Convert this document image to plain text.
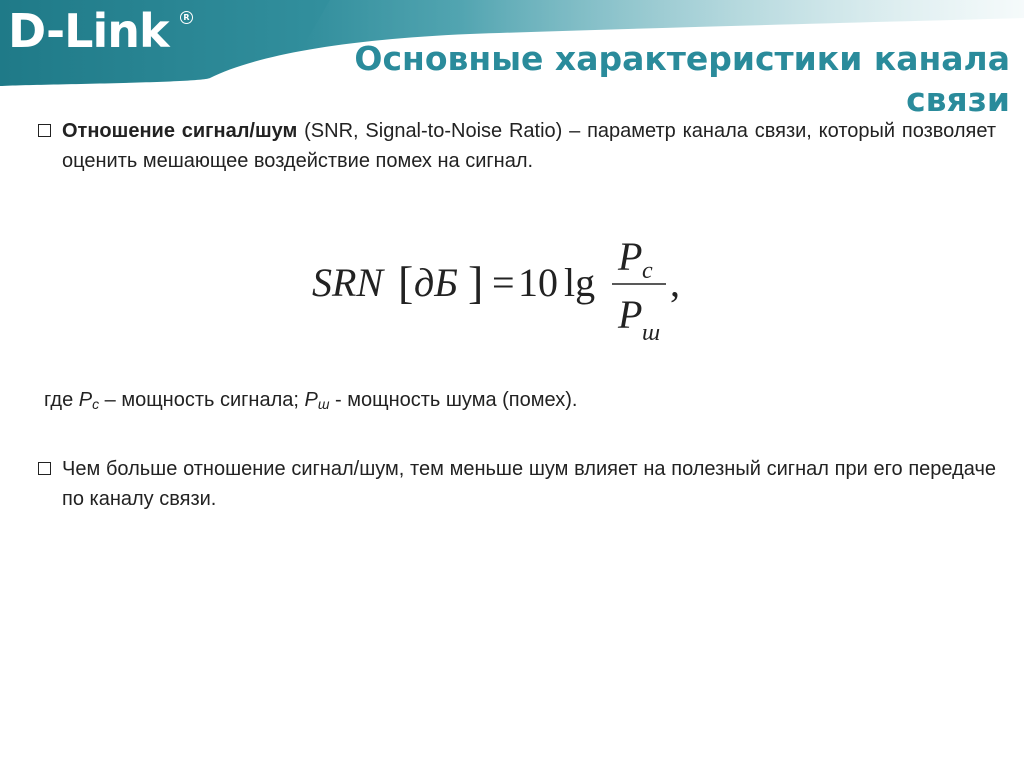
D-Link	R
Основные характеристики канала связи
Отношение сигнал/шум (SNR, Signal-to-Noise Ratio) – параметр канала связи, который позволяет оценить мешающее воздействие помех на сигнал.
SRN [ дБ ] = 10 lg
P с
P ш
,
где $P_с$ – мощность сигнала; $P_ш$ - мощность шума (помех).
Чем больше отношение сигнал/шум, тем меньше шум влияет на полезный сигнал при его передаче по каналу связи.
